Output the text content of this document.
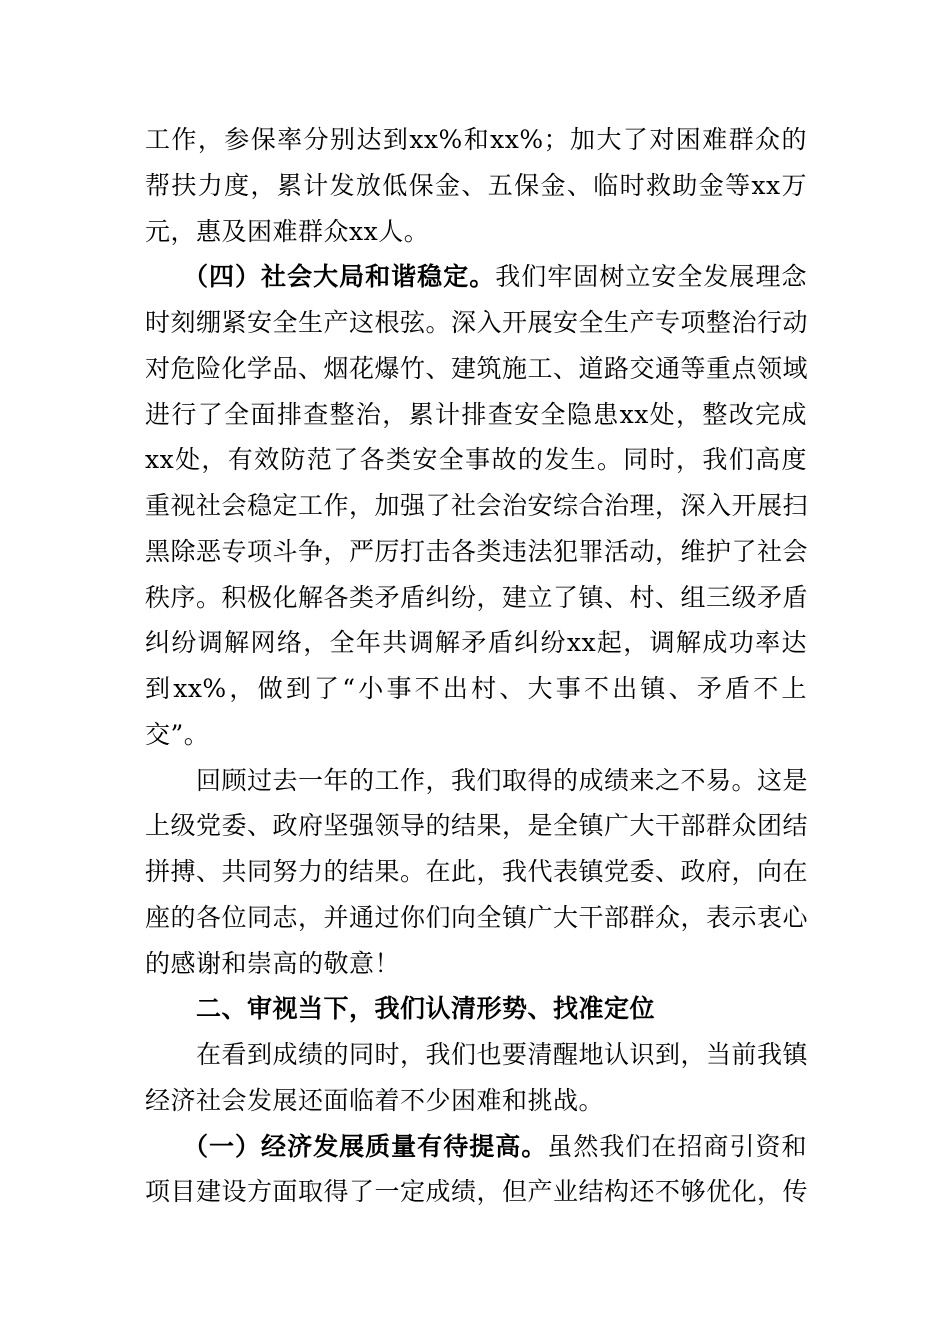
工作，参保率分别达到xx%和xx%；加大了对困难群众的
帮扶力度，累计发放低保金、五保金、临时救助金等xx万
元，惠及困难群众xx人。
（四）社会大局和谐稳定。我们牢固树立安全发展理念
时刻绷紧安全生产这根弦。深入开展安全生产专项整治行动
对危险化学品、烟花爆竹、建筑施工、道路交通等重点领域
进行了全面排查整治，累计排查安全隐患xx处，整改完成
xx处，有效防范了各类安全事故的发生。同时，我们高度
重视社会稳定工作，加强了社会治安综合治理，深入开展扫
黑除恶专项斗争，严厉打击各类违法犯罪活动，维护了社会
秩序。积极化解各类矛盾纠纷，建立了镇、村、组三级矛盾
纠纷调解网络，全年共调解矛盾纠纷xx起，调解成功率达
到xx%，做到了“小事不出村、大事不出镇、矛盾不上
交”。
回顾过去一年的工作，我们取得的成绩来之不易。这是
上级党委、政府坚强领导的结果，是全镇广大干部群众团结
拼搏、共同努力的结果。在此，我代表镇党委、政府，向在
座的各位同志，并通过你们向全镇广大干部群众，表示衷心
的感谢和崇高的敬意！
二、审视当下，我们认清形势、找准定位
在看到成绩的同时，我们也要清醒地认识到，当前我镇
经济社会发展还面临着不少困难和挑战。
（一）经济发展质量有待提高。虽然我们在招商引资和
项目建设方面取得了一定成绩，但产业结构还不够优化，传
